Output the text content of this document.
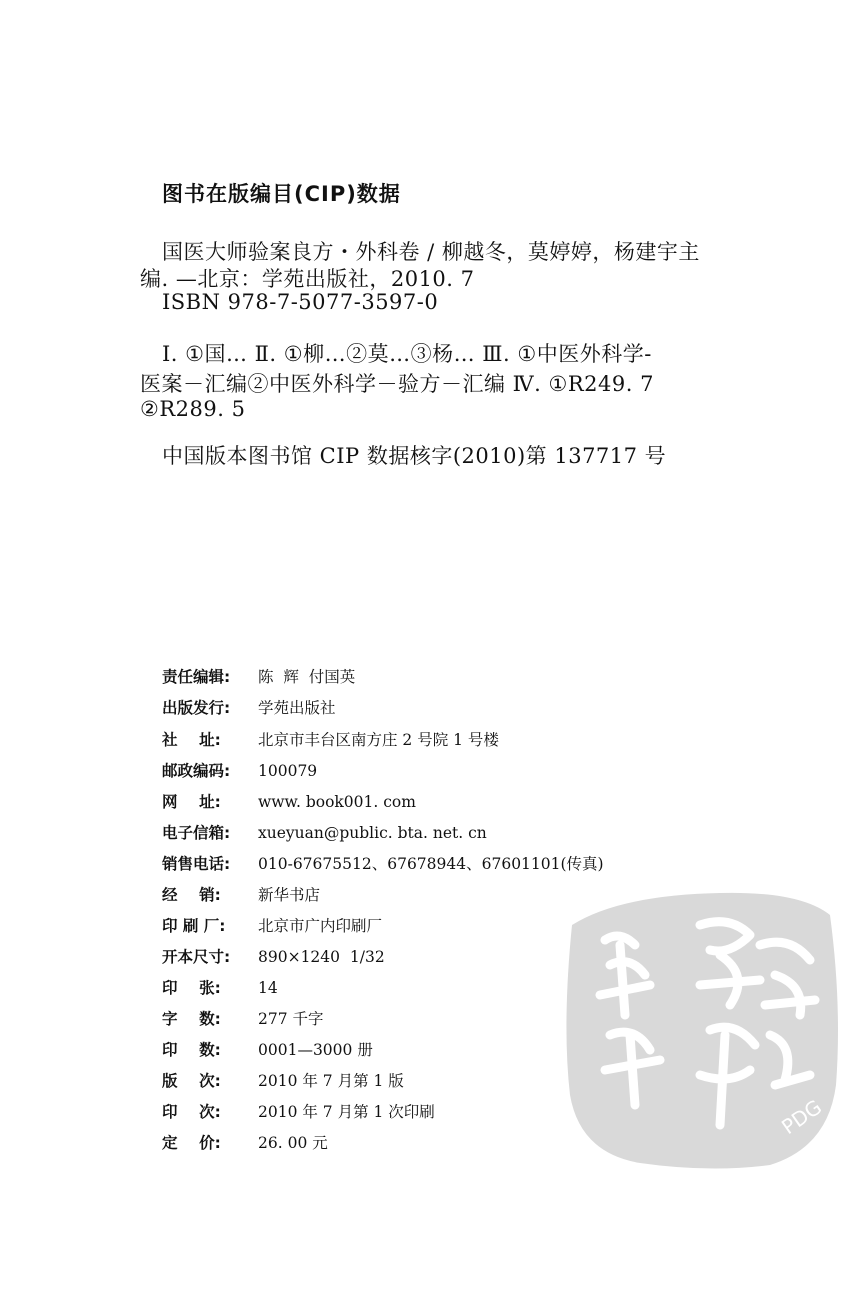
图书在版编目(CIP)数据
国医大师验案良方・外科卷 / 柳越冬，莫婷婷，杨建宇主
编. —北京：学苑出版社，2010. 7
ISBN 978-7-5077-3597-0
Ⅰ. ①国… Ⅱ. ①柳…②莫…③杨… Ⅲ. ①中医外科学-
医案－汇编②中医外科学－验方－汇编 Ⅳ. ①R249. 7
②R289. 5
中国版本图书馆 CIP 数据核字(2010)第 137717 号
责任编辑: 陈  辉  付国英
出版发行: 学苑出版社
社    址: 北京市丰台区南方庄 2 号院 1 号楼
邮政编码: 100079
网    址: www. book001. com
电子信箱: xueyuan@public. bta. net. cn
销售电话: 010-67675512、67678944、67601101(传真)
经    销: 新华书店
印 刷 厂: 北京市广内印刷厂
开本尺寸: 890×1240  1/32
印    张: 14
字    数: 277 千字
印    数: 0001—3000 册
版    次: 2010 年 7 月第 1 版
印    次: 2010 年 7 月第 1 次印刷
定    价: 26. 00 元
PDG
